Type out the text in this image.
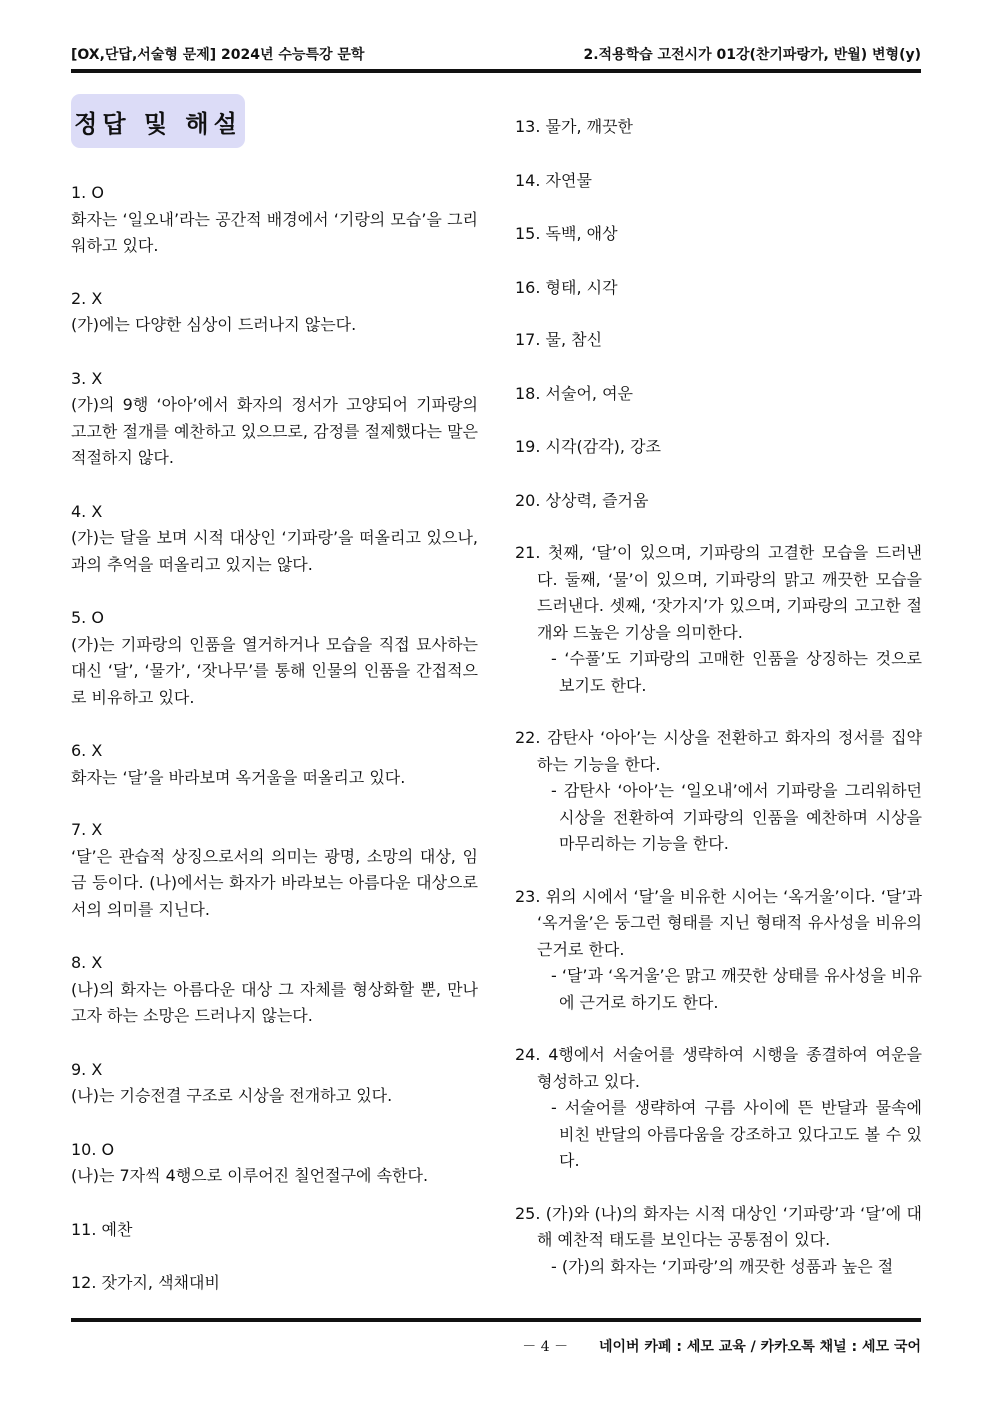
[OX,단답,서술형 문제] 2024년 수능특강 문학	2.적용학습 고전시가 01강(찬기파랑가, 반월) 변형(y)
정답 및 해설
1. O
화자는 ‘일오내’라는 공간적 배경에서 ‘기랑의 모습’을 그리워하고 있다.
2. X
(가)에는 다양한 심상이 드러나지 않는다.
3. X
(가)의 9행 ‘아아’에서 화자의 정서가 고양되어 기파랑의 고고한 절개를 예찬하고 있으므로, 감정를 절제했다는 말은 적절하지 않다.
4. X
(가)는 달을 보며 시적 대상인 ‘기파랑’을 떠올리고 있으나, 과의 추억을 떠올리고 있지는 않다.
5. O
(가)는 기파랑의 인품을 열거하거나 모습을 직접 묘사하는 대신 ‘달’, ‘물가’, ‘잣나무’를 통해 인물의 인품을 간접적으로 비유하고 있다.
6. X
화자는 ‘달’을 바라보며 옥거울을 떠올리고 있다.
7. X
‘달’은 관습적 상징으로서의 의미는 광명, 소망의 대상, 임금 등이다. (나)에서는 화자가 바라보는 아름다운 대상으로서의 의미를 지닌다.
8. X
(나)의 화자는 아름다운 대상 그 자체를 형상화할 뿐, 만나고자 하는 소망은 드러나지 않는다.
9. X
(나)는 기승전결 구조로 시상을 전개하고 있다.
10. O
(나)는 7자씩 4행으로 이루어진 칠언절구에 속한다.
11. 예찬
12. 잣가지, 색채대비
13. 물가, 깨끗한
14. 자연물
15. 독백, 애상
16. 형태, 시각
17. 물, 참신
18. 서술어, 여운
19. 시각(감각), 강조
20. 상상력, 즐거움
21. 첫째, ‘달’이 있으며, 기파랑의 고결한 모습을 드러낸다. 둘째, ‘물’이 있으며, 기파랑의 맑고 깨끗한 모습을 드러낸다. 셋째, ‘잣가지’가 있으며, 기파랑의 고고한 절개와 드높은 기상을 의미한다.
- ‘수풀’도 기파랑의 고매한 인품을 상징하는 것으로 보기도 한다.
22. 감탄사 ‘아아’는 시상을 전환하고 화자의 정서를 집약하는 기능을 한다.
- 감탄사 ‘아아’는 ‘일오내’에서 기파랑을 그리워하던 시상을 전환하여 기파랑의 인품을 예찬하며 시상을 마무리하는 기능을 한다.
23. 위의 시에서 ‘달’을 비유한 시어는 ‘옥거울’이다. ‘달’과 ‘옥거울’은 둥그런 형태를 지닌 형태적 유사성을 비유의 근거로 한다.
- ‘달’과 ‘옥거울’은 맑고 깨끗한 상태를 유사성을 비유에 근거로 하기도 한다.
24. 4행에서 서술어를 생략하여 시행을 종결하여 여운을 형성하고 있다.
- 서술어를 생략하여 구름 사이에 뜬 반달과 물속에 비친 반달의 아름다움을 강조하고 있다고도 볼 수 있다.
25. (가)와 (나)의 화자는 시적 대상인 ‘기파랑’과 ‘달’에 대해 예찬적 태도를 보인다는 공통점이 있다.
- (가)의 화자는 ‘기파랑’의 깨끗한 성품과 높은 절
－ 4 － 네이버 카페 : 세모 교육 / 카카오톡 채널 : 세모 국어
